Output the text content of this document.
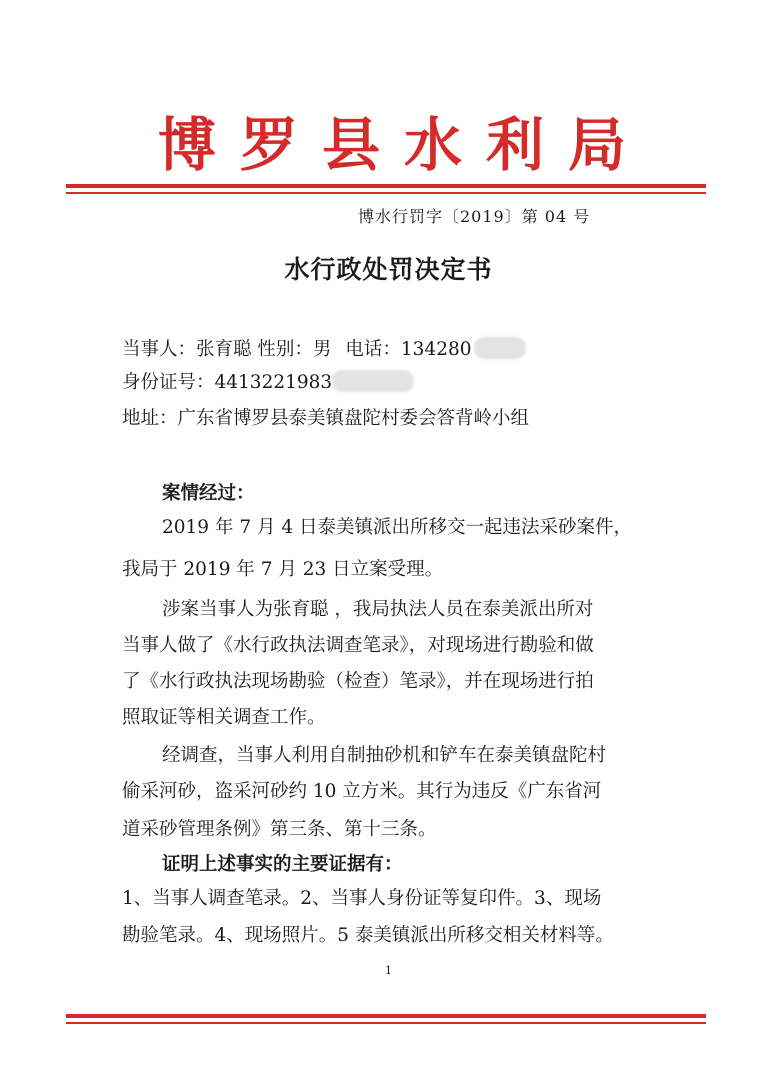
博罗县水利局
博水行罚字〔2019〕第 04 号
水行政处罚决定书
当事人：张育聪 性别：男 电话：134280
身份证号：4413221983
地址：广东省博罗县泰美镇盘陀村委会答背岭小组
案情经过：
2019 年 7 月 4 日泰美镇派出所移交一起违法采砂案件，
我局于 2019 年 7 月 23 日立案受理。
涉案当事人为张育聪 ，我局执法人员在泰美派出所对
当事人做了《水行政执法调查笔录》，对现场进行勘验和做
了《水行政执法现场勘验（检查）笔录》，并在现场进行拍
照取证等相关调查工作。
经调查，当事人利用自制抽砂机和铲车在泰美镇盘陀村
偷采河砂，盗采河砂约 10 立方米。其行为违反《广东省河
道采砂管理条例》第三条、第十三条。
证明上述事实的主要证据有：
1、当事人调查笔录。2、当事人身份证等复印件。3、现场
勘验笔录。4、现场照片。5 泰美镇派出所移交相关材料等。
1
